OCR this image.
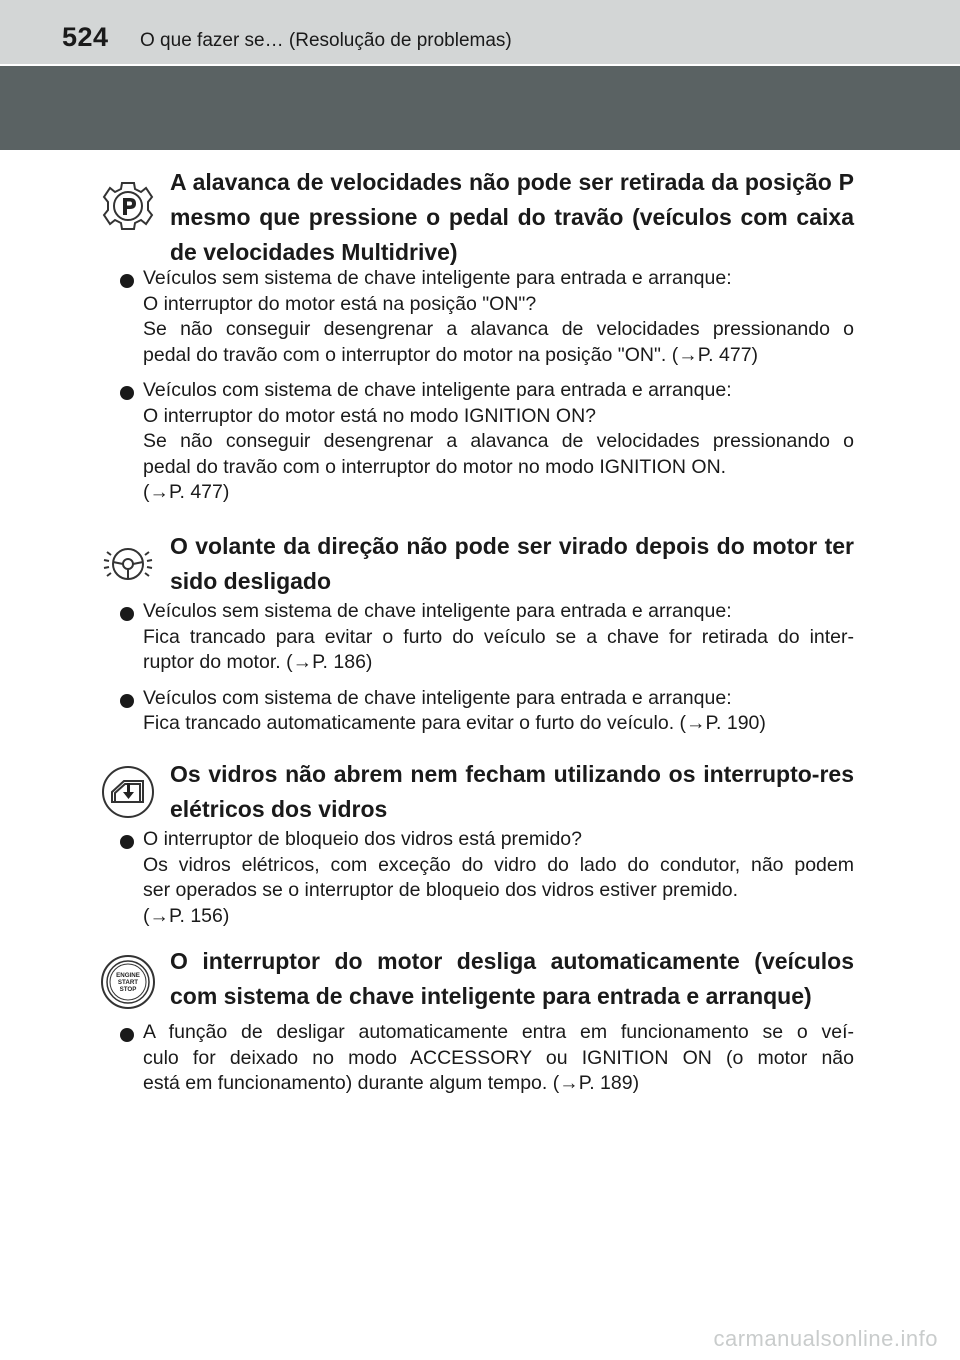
524 O que fazer se… (Resolução de problemas)
A alavanca de velocidades não pode ser retirada da posição P mesmo que pressione o pedal do travão (veículos com caixa de velocidades Multidrive)
Veículos sem sistema de chave inteligente para entrada e arranque:
O interruptor do motor está na posição "ON"?
Se não conseguir desengrenar a alavanca de velocidades pressionando o
pedal do travão com o interruptor do motor na posição "ON". (→P. 477)
Veículos com sistema de chave inteligente para entrada e arranque:
O interruptor do motor está no modo IGNITION ON?
Se não conseguir desengrenar a alavanca de velocidades pressionando o
pedal do travão com o interruptor do motor no modo IGNITION ON.
(→P. 477)
O volante da direção não pode ser virado depois do motor ter sido desligado
Veículos sem sistema de chave inteligente para entrada e arranque:
Fica trancado para evitar o furto do veículo se a chave for retirada do inter-
ruptor do motor. (→P. 186)
Veículos com sistema de chave inteligente para entrada e arranque:
Fica trancado automaticamente para evitar o furto do veículo. (→P. 190)
Os vidros não abrem nem fecham utilizando os interrupto-res elétricos dos vidros
O interruptor de bloqueio dos vidros está premido?
Os vidros elétricos, com exceção do vidro do lado do condutor, não podem
ser operados se o interruptor de bloqueio dos vidros estiver premido.
(→P. 156)
ENGINE
START
STOP
O interruptor do motor desliga automaticamente (veículos com sistema de chave inteligente para entrada e arranque)
A função de desligar automaticamente entra em funcionamento se o veí-
culo for deixado no modo ACCESSORY ou IGNITION ON (o motor não
está em funcionamento) durante algum tempo. (→P. 189)
carmanualsonline.info
